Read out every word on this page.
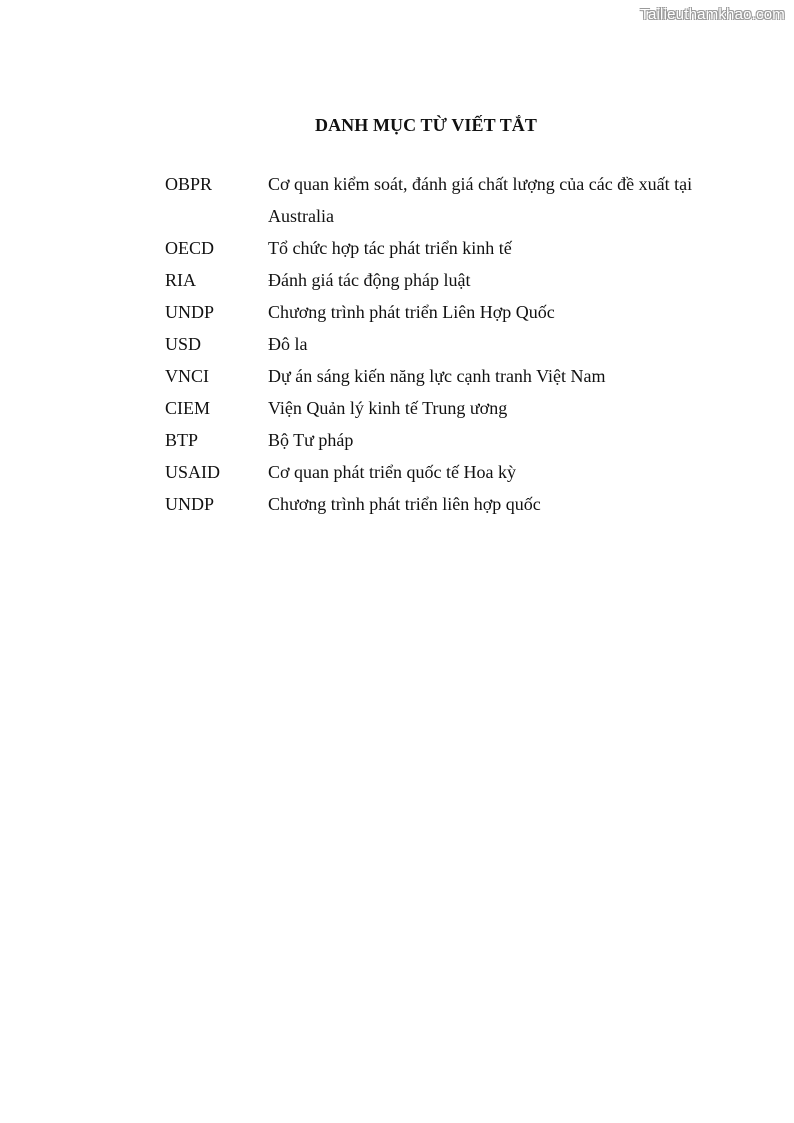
Tailieuthamkhao.com
DANH MỤC TỪ VIẾT TẮT
OBPR	Cơ quan kiểm soát, đánh giá chất lượng của các đề xuất tại Australia
OECD	Tổ chức hợp tác phát triển kinh tế
RIA	Đánh giá tác động pháp luật
UNDP	Chương trình phát triển Liên Hợp Quốc
USD	Đô la
VNCI	Dự án sáng kiến năng lực cạnh tranh Việt Nam
CIEM	Viện Quản lý kinh tế Trung ương
BTP	Bộ Tư pháp
USAID	Cơ quan phát triển quốc tế Hoa kỳ
UNDP	Chương trình phát triển liên hợp quốc
